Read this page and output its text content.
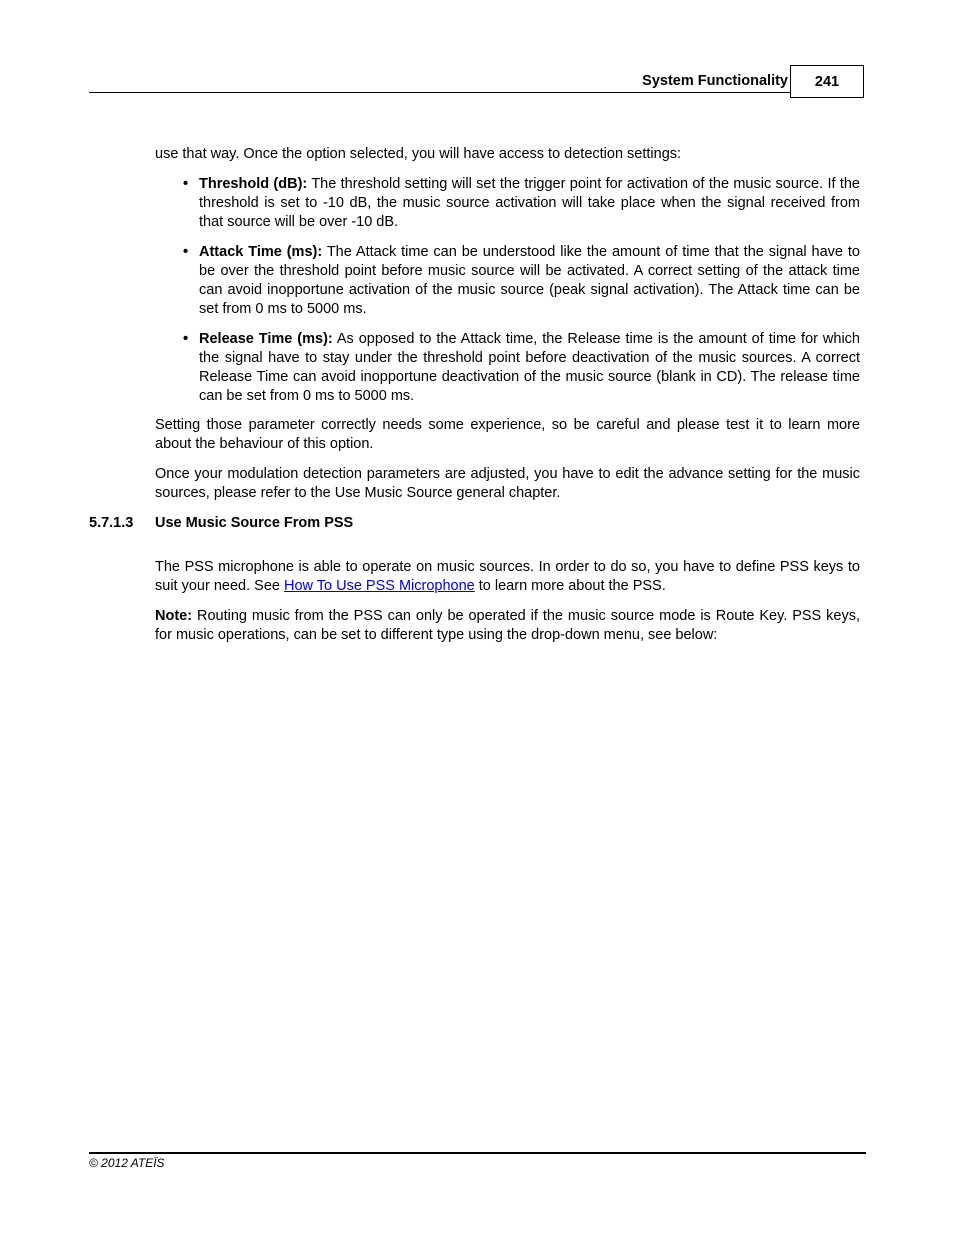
System Functionality 241
use that way. Once the option selected, you will have access to detection settings:
• Threshold (dB): The threshold setting will set the trigger point for activation of the music source. If the threshold is set to -10 dB, the music source activation will take place when the signal received from that source will be over -10 dB.
• Attack Time (ms): The Attack time can be understood like the amount of time that the signal have to be over the threshold point before music source will be activated. A correct setting of the attack time can avoid inopportune activation of the music source (peak signal activation). The Attack time can be set from 0 ms to 5000 ms.
• Release Time (ms): As opposed to the Attack time, the Release time is the amount of time for which the signal have to stay under the threshold point before deactivation of the music sources. A correct Release Time can avoid inopportune deactivation of the music source (blank in CD). The release time can be set from 0 ms to 5000 ms.
Setting those parameter correctly needs some experience, so be careful and please test it to learn more about the behaviour of this option.
Once your modulation detection parameters are adjusted, you have to edit the advance setting for the music sources, please refer to the Use Music Source general chapter.
5.7.1.3 Use Music Source From PSS
The PSS microphone is able to operate on music sources. In order to do so, you have to define PSS keys to suit your need. See How To Use PSS Microphone to learn more about the PSS.
Note: Routing music from the PSS can only be operated if the music source mode is Route Key. PSS keys, for music operations, can be set to different type using the drop-down menu, see below:
© 2012 ATEÏS
